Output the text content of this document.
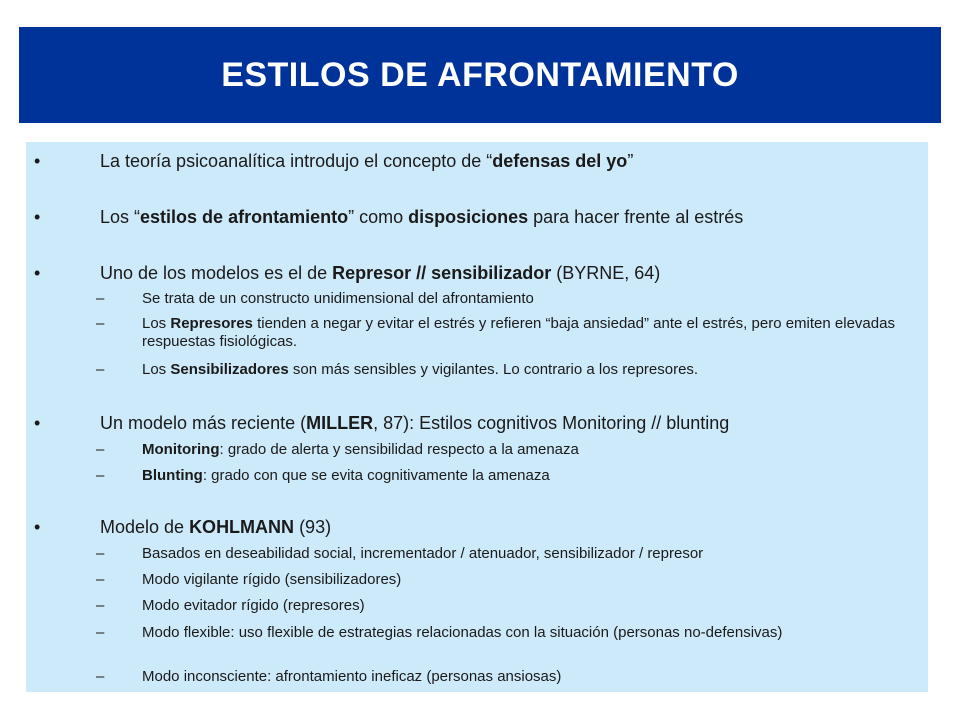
ESTILOS DE AFRONTAMIENTO
•	La teoría psicoanalítica introdujo el concepto de “defensas del yo”
•	Los “estilos de afrontamiento” como disposiciones para hacer frente al estrés
•	Uno de los modelos es el de Represor // sensibilizador (BYRNE, 64)
–	Se trata de un constructo unidimensional del afrontamiento
–	Los Represores tienden a negar y evitar el estrés y refieren “baja ansiedad” ante el estrés, pero emiten elevadas respuestas fisiológicas.
–	Los Sensibilizadores son más sensibles y vigilantes. Lo contrario a los represores.
•	Un modelo más reciente (MILLER, 87): Estilos cognitivos Monitoring // blunting
–	Monitoring: grado de alerta y sensibilidad respecto a la amenaza
–	Blunting: grado con que se evita cognitivamente la amenaza
•	Modelo de KOHLMANN (93)
–	Basados en deseabilidad social, incrementador / atenuador, sensibilizador / represor
–	Modo vigilante rígido (sensibilizadores)
–	Modo evitador rígido (represores)
–	Modo flexible: uso flexible de estrategias relacionadas con la situación (personas no-defensivas)
–	Modo inconsciente: afrontamiento ineficaz (personas ansiosas)
